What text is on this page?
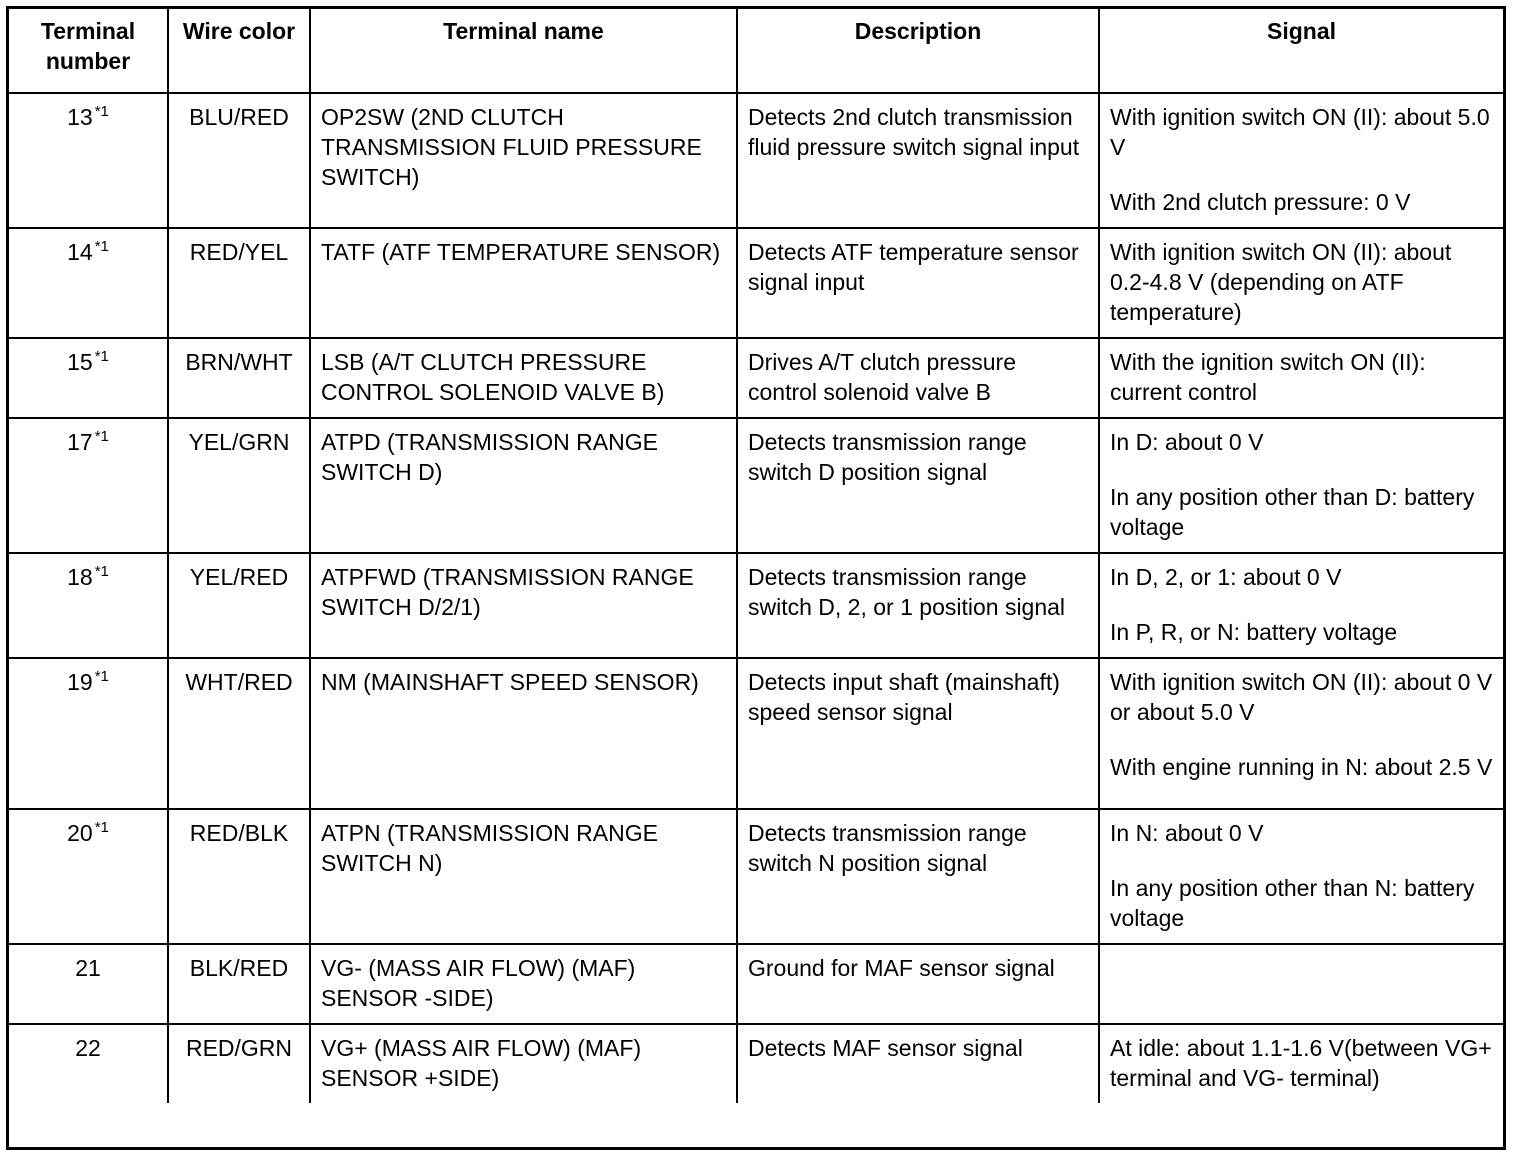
Terminal number	Wire color	Terminal name	Description	Signal
13 $^{*1}$	BLU/RED	OP2SW (2ND CLUTCH TRANSMISSION FLUID PRESSURE SWITCH)	Detects 2nd clutch transmission fluid pressure switch signal input	With ignition switch ON (II): about 5.0 V

With 2nd clutch pressure: 0 V

14 $^{*1}$	RED/YEL	TATF (ATF TEMPERATURE SENSOR)	Detects ATF temperature sensor signal input	With ignition switch ON (II): about 0.2-4.8 V (depending on ATF temperature)

15 $^{*1}$	BRN/WHT	LSB (A/T CLUTCH PRESSURE CONTROL SOLENOID VALVE B)	Drives A/T clutch pressure control solenoid valve B	With the ignition switch ON (II): current control

17 $^{*1}$	YEL/GRN	ATPD (TRANSMISSION RANGE SWITCH D)	Detects transmission range switch D position signal	In D: about 0 V

In any position other than D: battery voltage

18 $^{*1}$	YEL/RED	ATPFWD (TRANSMISSION RANGE SWITCH D/2/1)	Detects transmission range switch D, 2, or 1 position signal	In D, 2, or 1: about 0 V

In P, R, or N: battery voltage

19 $^{*1}$	WHT/RED	NM (MAINSHAFT SPEED SENSOR)	Detects input shaft (mainshaft) speed sensor signal	With ignition switch ON (II): about 0 V or about 5.0 V

With engine running in N: about 2.5 V

20 $^{*1}$	RED/BLK	ATPN (TRANSMISSION RANGE SWITCH N)	Detects transmission range switch N position signal	In N: about 0 V

In any position other than N: battery voltage

21	BLK/RED	VG- (MASS AIR FLOW) (MAF) SENSOR -SIDE)	Ground for MAF sensor signal	
22	RED/GRN	VG+ (MASS AIR FLOW) (MAF) SENSOR +SIDE)	Detects MAF sensor signal	At idle: about 1.1-1.6 V(between VG+ terminal and VG- terminal)
